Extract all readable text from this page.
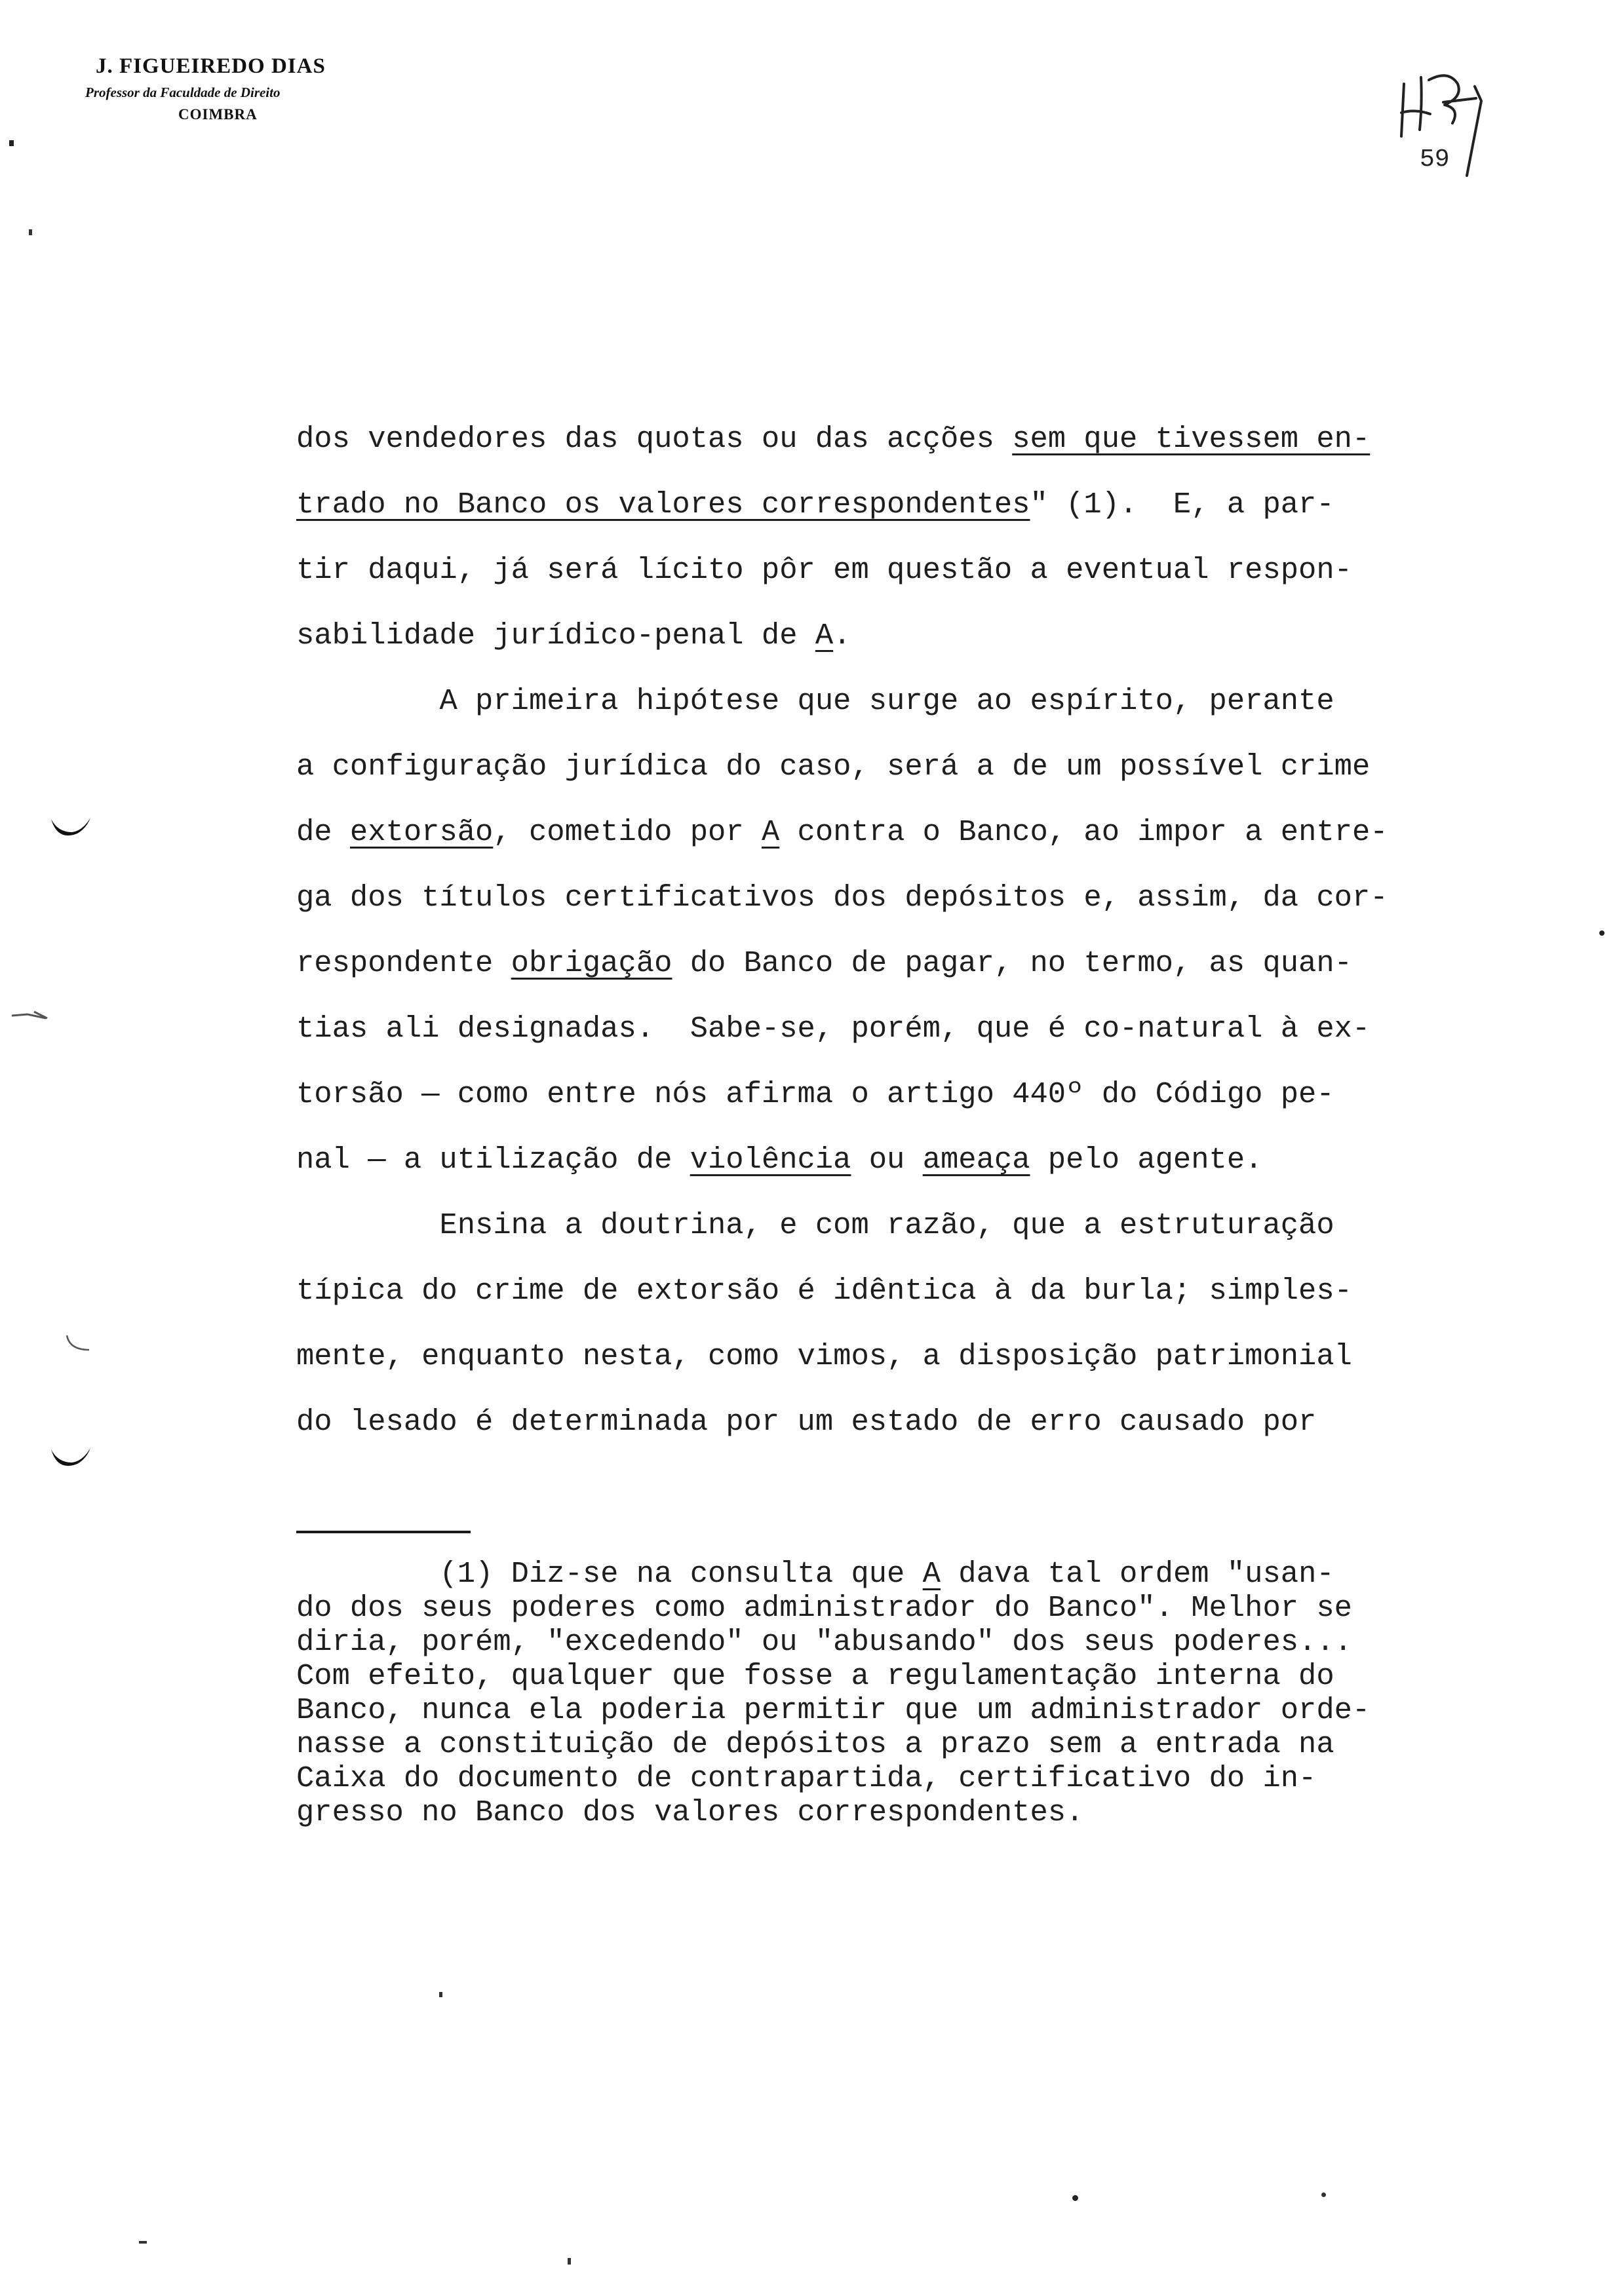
J. FIGUEIREDO DIAS
Professor da Faculdade de Direito
COIMBRA
59
dos vendedores das quotas ou das acções sem que tivessem en-
trado no Banco os valores correspondentes" (1).  E, a par-
tir daqui, já será lícito pôr em questão a eventual respon-
sabilidade jurídico-penal de A.
A primeira hipótese que surge ao espírito, perante
a configuração jurídica do caso, será a de um possível crime
de extorsão, cometido por A contra o Banco, ao impor a entre-
ga dos títulos certificativos dos depósitos e, assim, da cor-
respondente obrigação do Banco de pagar, no termo, as quan-
tias ali designadas.  Sabe-se, porém, que é co-natural à ex-
torsão — como entre nós afirma o artigo 440º do Código pe-
nal — a utilização de violência ou ameaça pelo agente.
Ensina a doutrina, e com razão, que a estruturação
típica do crime de extorsão é idêntica à da burla; simples-
mente, enquanto nesta, como vimos, a disposição patrimonial
do lesado é determinada por um estado de erro causado por
(1) Diz-se na consulta que A dava tal ordem "usan-
do dos seus poderes como administrador do Banco". Melhor se
diria, porém, "excedendo" ou "abusando" dos seus poderes...
Com efeito, qualquer que fosse a regulamentação interna do
Banco, nunca ela poderia permitir que um administrador orde-
nasse a constituição de depósitos a prazo sem a entrada na
Caixa do documento de contrapartida, certificativo do in-
gresso no Banco dos valores correspondentes.
